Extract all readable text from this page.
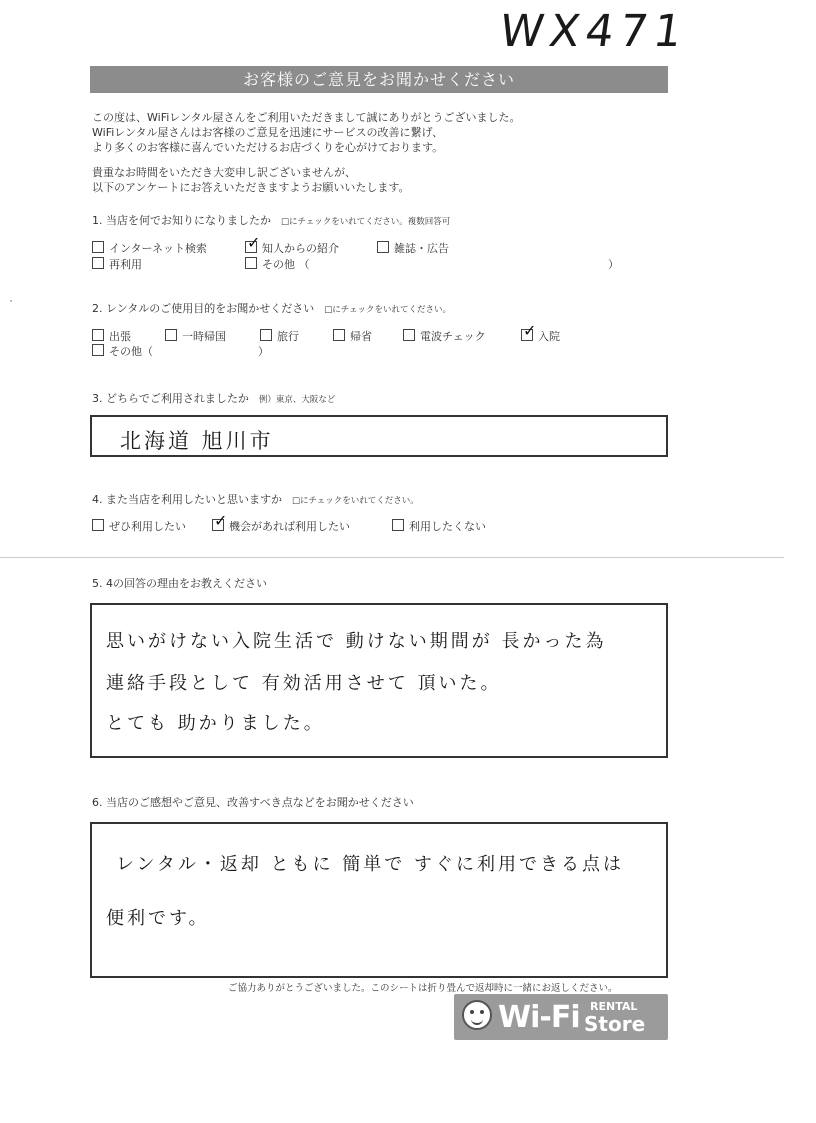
WX471
お客様のご意見をお聞かせください
この度は、WiFiレンタル屋さんをご利用いただきまして誠にありがとうございました。
WiFiレンタル屋さんはお客様のご意見を迅速にサービスの改善に繋げ、
より多くのお客様に喜んでいただけるお店づくりを心がけております。
貴重なお時間をいただき大変申し訳ございませんが、
以下のアンケートにお答えいただきますようお願いいたします。
1. 当店を何でお知りになりましたか □にチェックをいれてください。複数回答可
インターネット検索 ✓	知人からの紹介	雑誌・広告
再利用	その他 （	）
2. レンタルのご使用目的をお聞かせください □にチェックをいれてください。
出張	一時帰国	旅行	帰省	電波チェック ✓	入院
その他（	）
3. どちらでご利用されましたか 例）東京、大阪など
北海道 旭川市
4. また当店を利用したいと思いますか □にチェックをいれてください。
ぜひ利用したい ✓	機会があれば利用したい	利用したくない
5. 4の回答の理由をお教えください
思いがけない入院生活で 動けない期間が 長かった為
連絡手段として 有効活用させて 頂いた。
とても 助かりました。
6. 当店のご感想やご意見、改善すべき点などをお聞かせください
レンタル・返却 ともに 簡単で すぐに利用できる点は
便利です。
ご協力ありがとうございました。このシートは折り畳んで返却時に一緒にお返しください。
Wi-Fi RENTAL
Store
